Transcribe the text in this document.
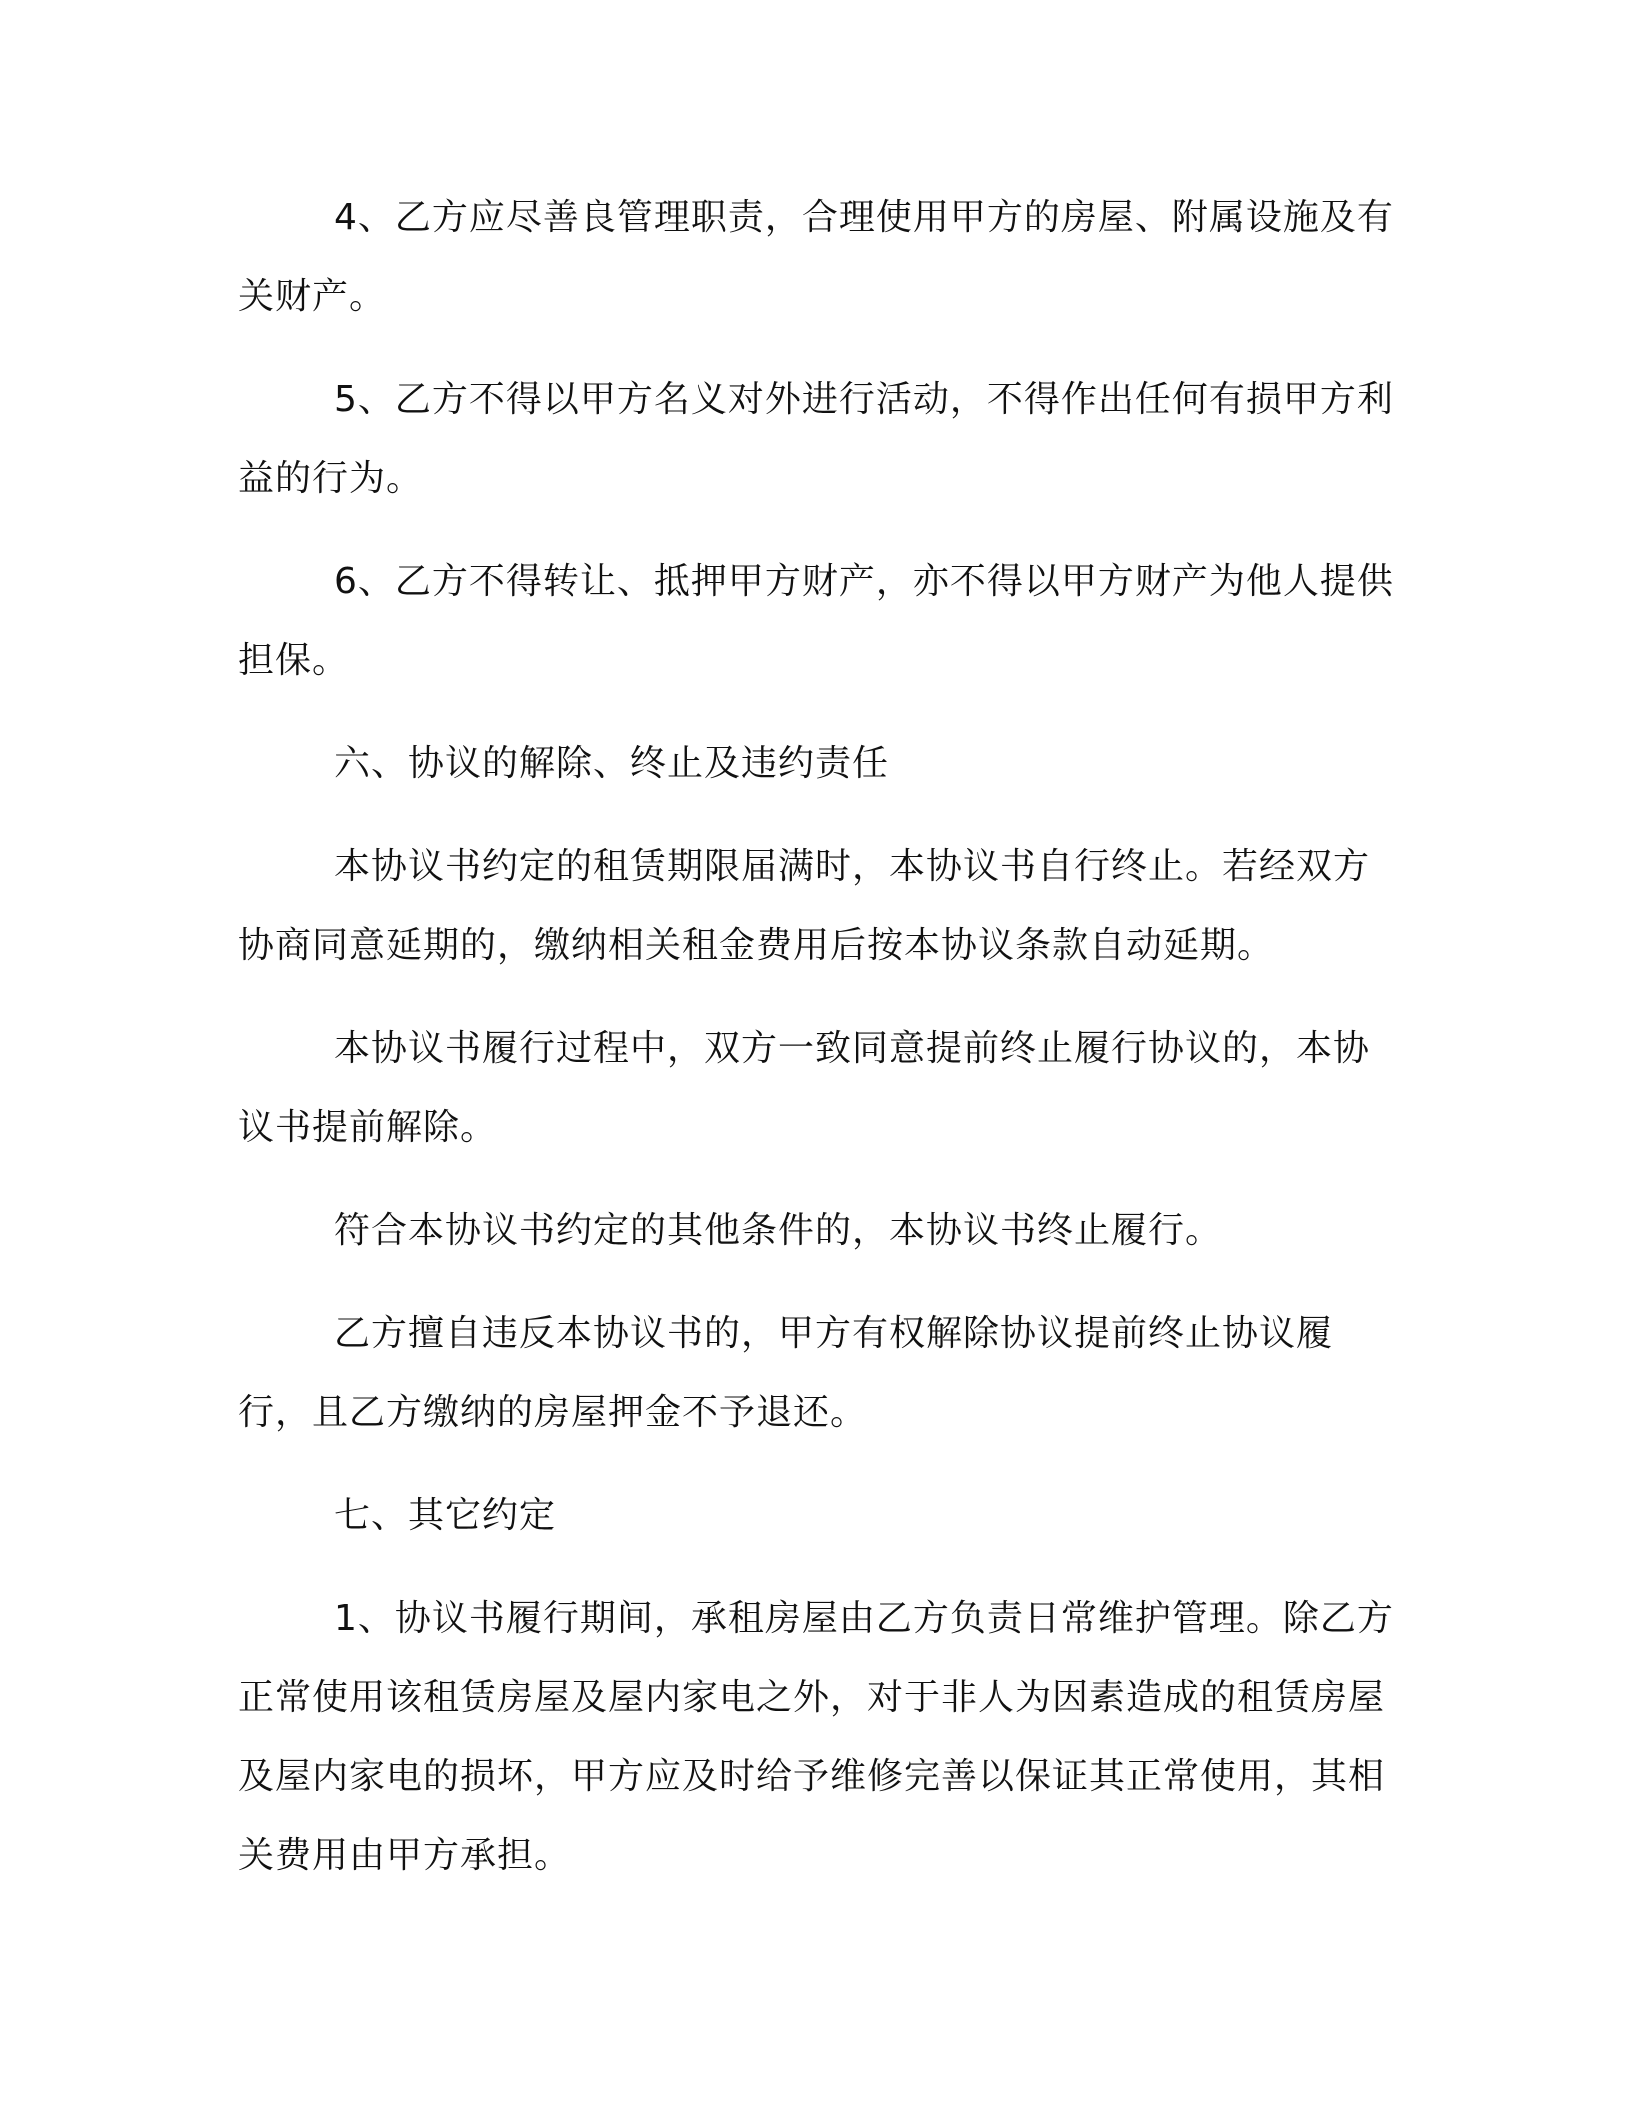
4、乙方应尽善良管理职责，合理使用甲方的房屋、附属设施及有关财产。

5、乙方不得以甲方名义对外进行活动，不得作出任何有损甲方利益的行为。

6、乙方不得转让、抵押甲方财产，亦不得以甲方财产为他人提供担保。

六、协议的解除、终止及违约责任

本协议书约定的租赁期限届满时，本协议书自行终止。若经双方协商同意延期的，缴纳相关租金费用后按本协议条款自动延期。

本协议书履行过程中，双方一致同意提前终止履行协议的，本协议书提前解除。

符合本协议书约定的其他条件的，本协议书终止履行。

乙方擅自违反本协议书的，甲方有权解除协议提前终止协议履行，且乙方缴纳的房屋押金不予退还。

七、其它约定

1、协议书履行期间，承租房屋由乙方负责日常维护管理。除乙方正常使用该租赁房屋及屋内家电之外，对于非人为因素造成的租赁房屋及屋内家电的损坏，甲方应及时给予维修完善以保证其正常使用，其相关费用由甲方承担。
